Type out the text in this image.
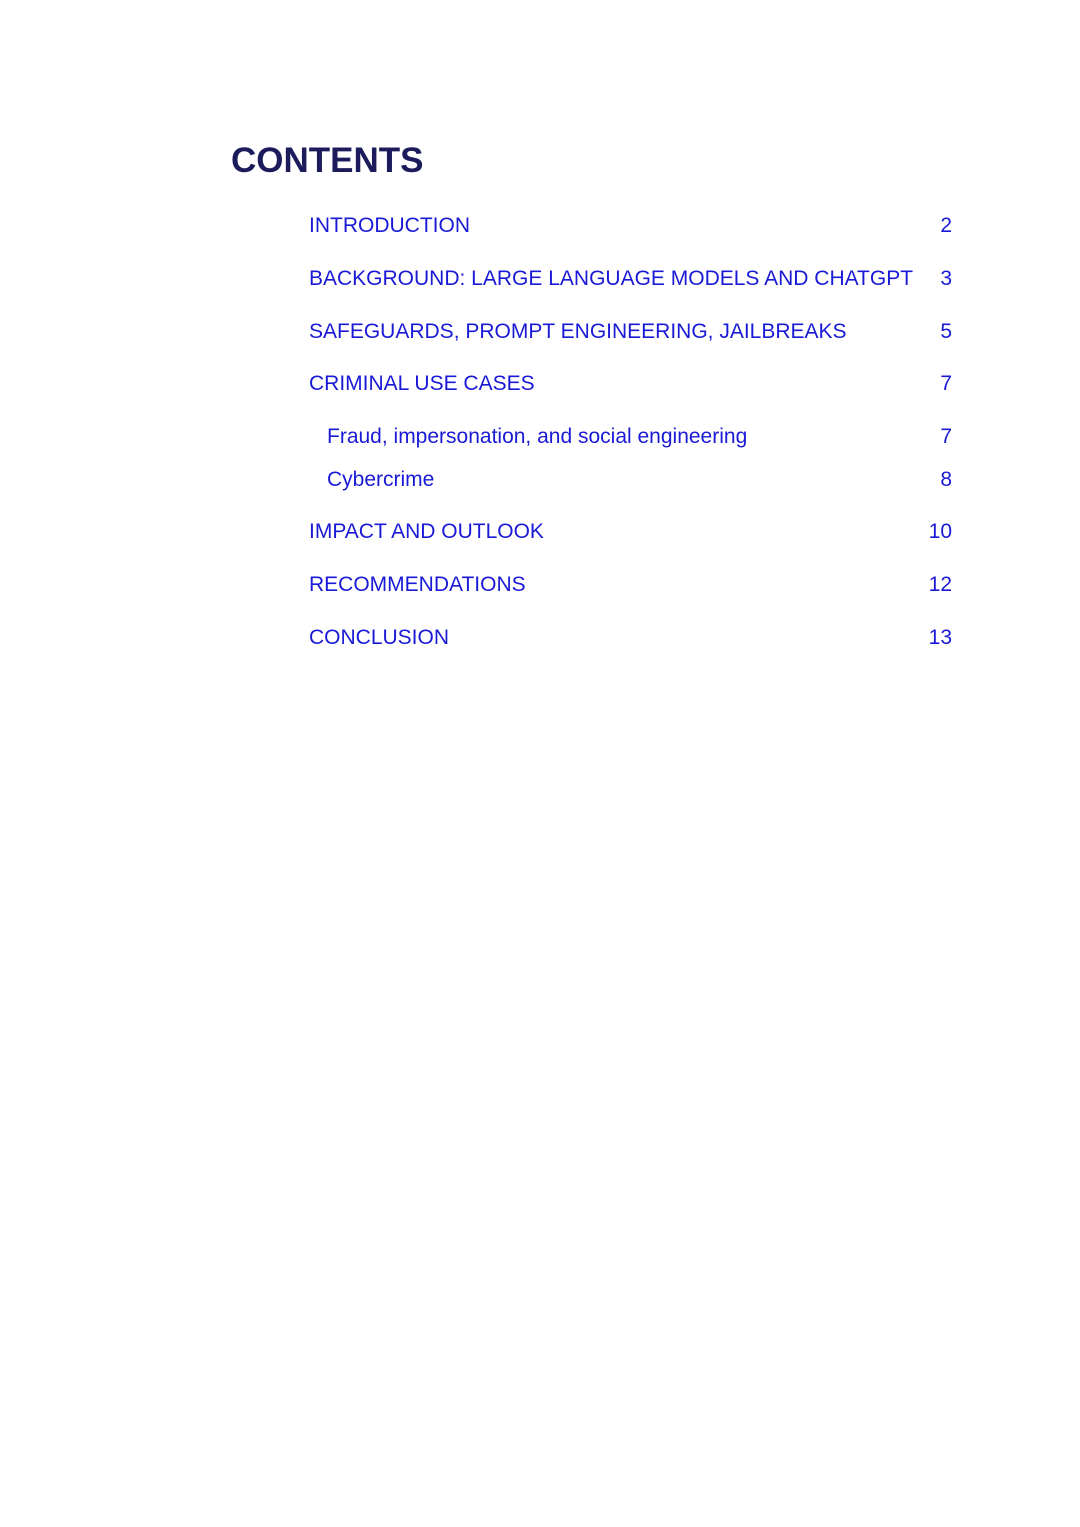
CONTENTS
INTRODUCTION	2
BACKGROUND: LARGE LANGUAGE MODELS AND CHATGPT 3
SAFEGUARDS, PROMPT ENGINEERING, JAILBREAKS	5
CRIMINAL USE CASES	7
Fraud, impersonation, and social engineering	7
Cybercrime	8
IMPACT AND OUTLOOK	10
RECOMMENDATIONS	12
CONCLUSION	13
